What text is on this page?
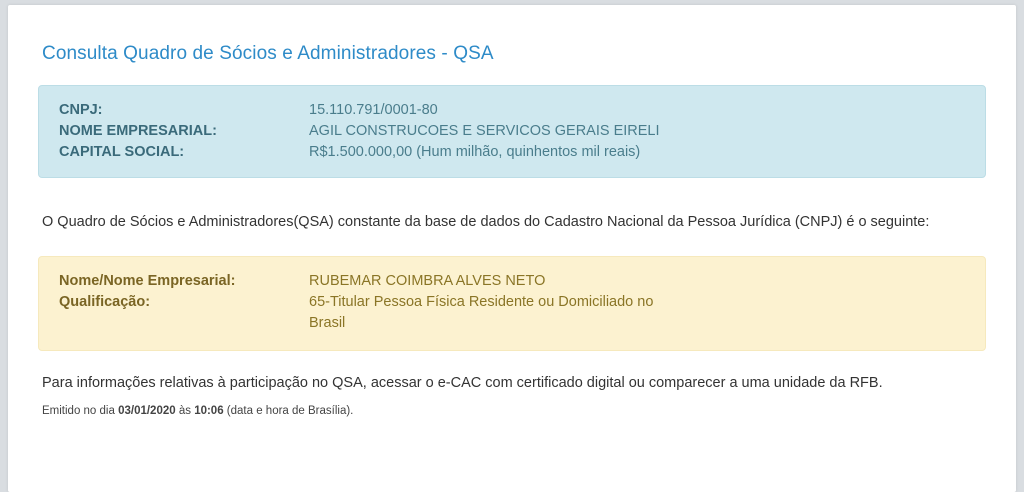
Consulta Quadro de Sócios e Administradores - QSA
CNPJ:	15.110.791/0001-80
NOME EMPRESARIAL:	AGIL CONSTRUCOES E SERVICOS GERAIS EIRELI
CAPITAL SOCIAL:	R$1.500.000,00 (Hum milhão, quinhentos mil reais)

O Quadro de Sócios e Administradores(QSA) constante da base de dados do Cadastro Nacional da Pessoa Jurídica (CNPJ) é o seguinte:

Nome/Nome Empresarial:	RUBEMAR COIMBRA ALVES NETO
Qualificação:	65-Titular Pessoa Física Residente ou Domiciliado no Brasil

Para informações relativas à participação no QSA, acessar o e-CAC com certificado digital ou comparecer a uma unidade da RFB.

Emitido no dia 03/01/2020 às 10:06 (data e hora de Brasília).
